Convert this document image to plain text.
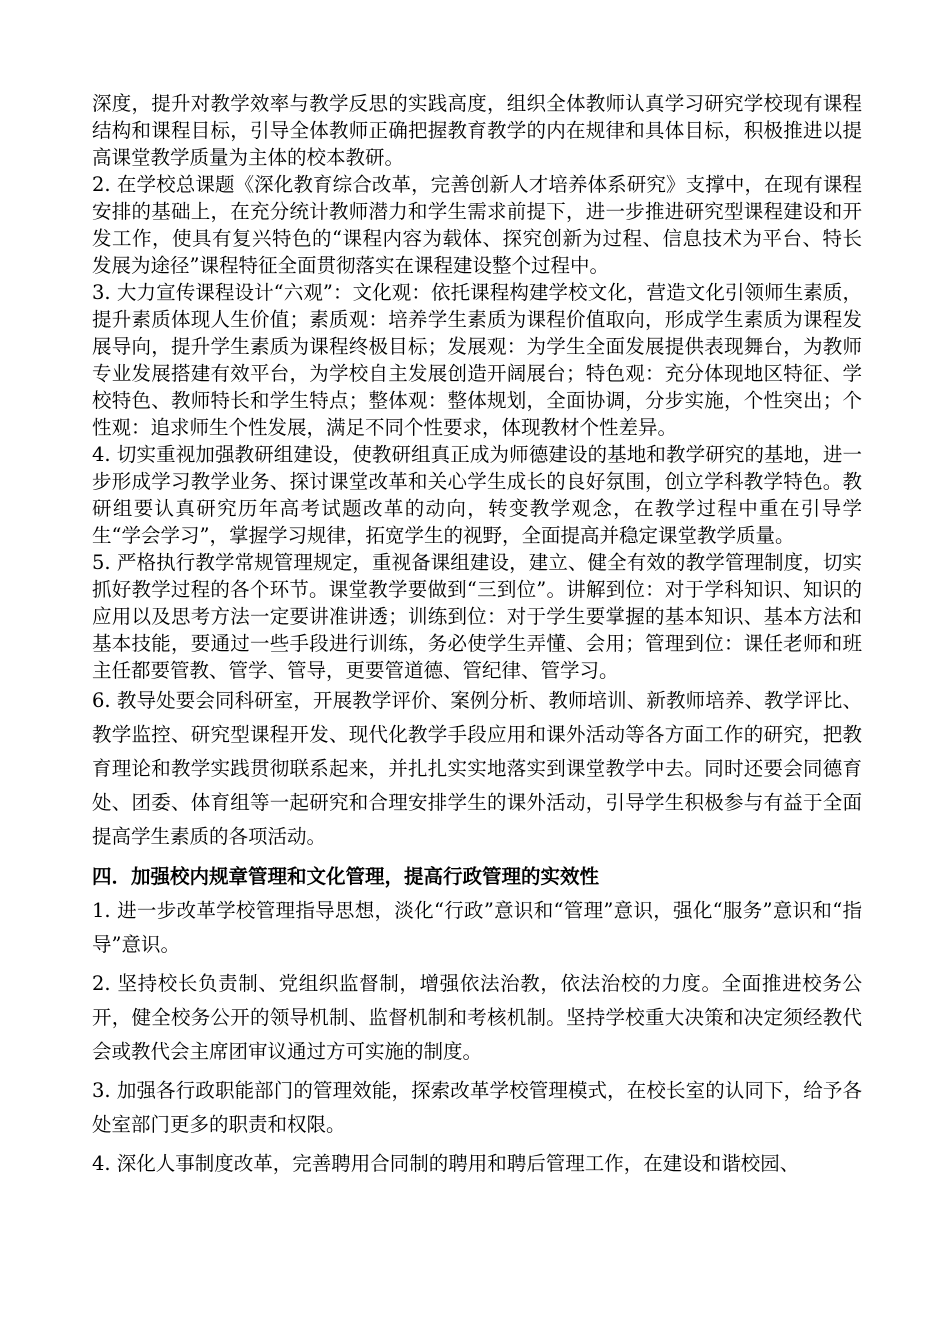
深度，提升对教学效率与教学反思的实践高度，组织全体教师认真学习研究学校现有课程结构和课程目标，引导全体教师正确把握教育教学的内在规律和具体目标，积极推进以提高课堂教学质量为主体的校本教研。

2. 在学校总课题《深化教育综合改革，完善创新人才培养体系研究》支撑中，在现有课程安排的基础上，在充分统计教师潜力和学生需求前提下，进一步推进研究型课程建设和开发工作，使具有复兴特色的“课程内容为载体、探究创新为过程、信息技术为平台、特长发展为途径”课程特征全面贯彻落实在课程建设整个过程中。

3. 大力宣传课程设计“六观”：文化观：依托课程构建学校文化，营造文化引领师生素质，提升素质体现人生价值；素质观：培养学生素质为课程价值取向，形成学生素质为课程发展导向，提升学生素质为课程终极目标；发展观：为学生全面发展提供表现舞台，为教师专业发展搭建有效平台，为学校自主发展创造开阔展台；特色观：充分体现地区特征、学校特色、教师特长和学生特点；整体观：整体规划，全面协调，分步实施，个性突出；个性观：追求师生个性发展，满足不同个性要求，体现教材个性差异。

4. 切实重视加强教研组建设，使教研组真正成为师德建设的基地和教学研究的基地，进一步形成学习教学业务、探讨课堂改革和关心学生成长的良好氛围，创立学科教学特色。教研组要认真研究历年高考试题改革的动向，转变教学观念，在教学过程中重在引导学生“学会学习”，掌握学习规律，拓宽学生的视野，全面提高并稳定课堂教学质量。

5. 严格执行教学常规管理规定，重视备课组建设，建立、健全有效的教学管理制度，切实抓好教学过程的各个环节。课堂教学要做到“三到位”。讲解到位：对于学科知识、知识的应用以及思考方法一定要讲准讲透；训练到位：对于学生要掌握的基本知识、基本方法和基本技能，要通过一些手段进行训练，务必使学生弄懂、会用；管理到位：课任老师和班主任都要管教、管学、管导，更要管道德、管纪律、管学习。

6. 教导处要会同科研室，开展教学评价、案例分析、教师培训、新教师培养、教学评比、教学监控、研究型课程开发、现代化教学手段应用和课外活动等各方面工作的研究，把教育理论和教学实践贯彻联系起来，并扎扎实实地落实到课堂教学中去。同时还要会同德育处、团委、体育组等一起研究和合理安排学生的课外活动，引导学生积极参与有益于全面提高学生素质的各项活动。

四．加强校内规章管理和文化管理，提高行政管理的实效性

1. 进一步改革学校管理指导思想，淡化“行政”意识和“管理”意识，强化“服务”意识和“指导”意识。

2. 坚持校长负责制、党组织监督制，增强依法治教，依法治校的力度。全面推进校务公开，健全校务公开的领导机制、监督机制和考核机制。坚持学校重大决策和决定须经教代会或教代会主席团审议通过方可实施的制度。

3. 加强各行政职能部门的管理效能，探索改革学校管理模式，在校长室的认同下，给予各处室部门更多的职责和权限。

4. 深化人事制度改革，完善聘用合同制的聘用和聘后管理工作，在建设和谐校园、
